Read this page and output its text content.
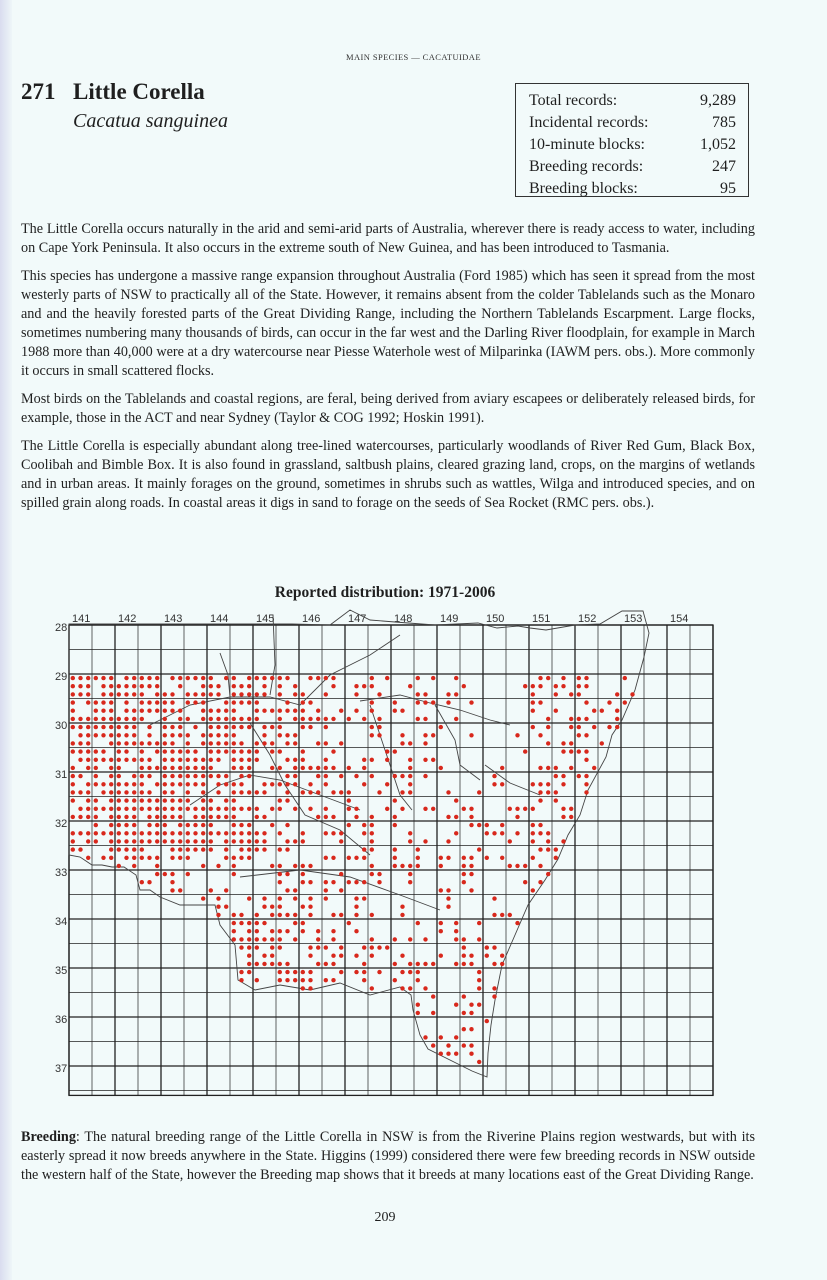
MAIN SPECIES — CACATUIDAE
271 Little Corella
Cacatua sanguinea
Total records:	9,289
Incidental records:	785
10-minute blocks:	1,052
Breeding records:	247
Breeding blocks:	95

The Little Corella occurs naturally in the arid and semi-arid parts of Australia, wherever there is ready access to water, including on Cape York Peninsula. It also occurs in the extreme south of New Guinea, and has been introduced to Tasmania.

This species has undergone a massive range expansion throughout Australia (Ford 1985) which has seen it spread from the most westerly parts of NSW to practically all of the State. However, it remains absent from the colder Tablelands such as the Monaro and and the heavily forested parts of the Great Dividing Range, including the Northern Tablelands Escarpment. Large flocks, sometimes numbering many thousands of birds, can occur in the far west and the Darling River floodplain, for example in March 1988 more than 40,000 were at a dry watercourse near Piesse Waterhole west of Milparinka (IAWM pers. obs.). More commonly it occurs in small scattered flocks.

Most birds on the Tablelands and coastal regions, are feral, being derived from aviary escapees or deliberately released birds, for example, those in the ACT and near Sydney (Taylor & COG 1992; Hoskin 1991).

The Little Corella is especially abundant along tree-lined watercourses, particularly woodlands of River Red Gum, Black Box, Coolibah and Bimble Box. It is also found in grassland, saltbush plains, cleared grazing land, crops, on the margins of wetlands and in urban areas. It mainly forages on the ground, sometimes in shrubs such as wattles, Wilga and introduced species, and on spilled grain along roads. In coastal areas it digs in sand to forage on the seeds of Sea Rocket (RMC pers. obs.).

Reported distribution: 1971-2006
141	142	143	144	145	146	147	148	149	150	151	152	153	154
28
29
30
31
32
33
34
35
36
37
Breeding: The natural breeding range of the Little Corella in NSW is from the Riverine Plains region westwards, but with its easterly spread it now breeds anywhere in the State. Higgins (1999) considered there were few breeding records in NSW outside the western half of the State, however the Breeding map shows that it breeds at many locations east of the Great Dividing Range.
209
